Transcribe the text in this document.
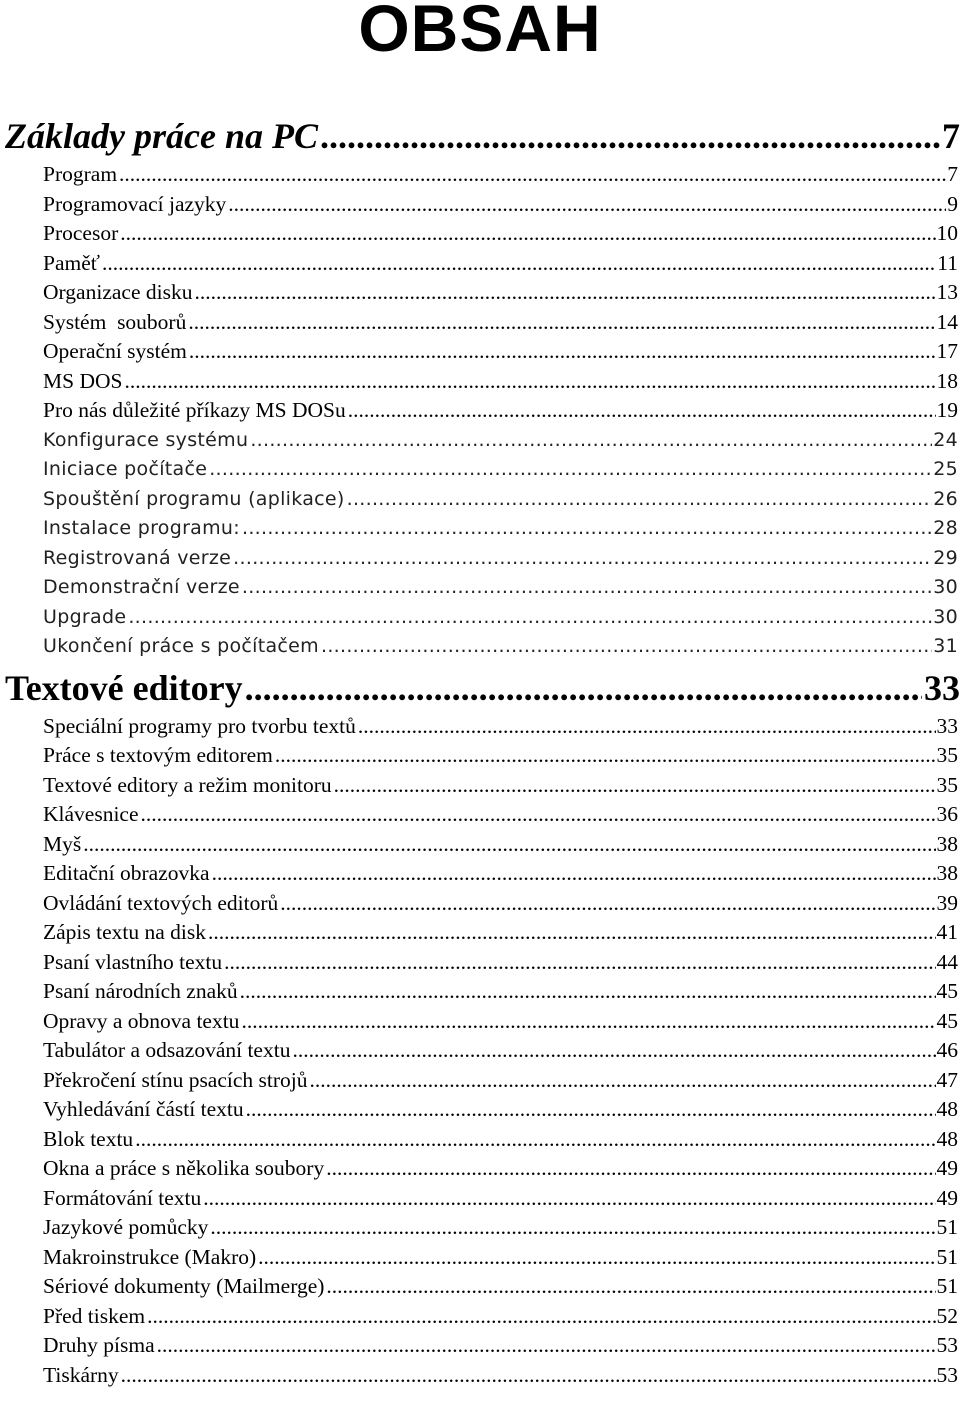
OBSAH
Základy práce na PC .....	7
Program .....	7
Programovací jazyky .....	9
Procesor .....	10
Paměť .....	11
Organizace disku .....	13
Systém  souborů .....	14
Operační systém .....	17
MS DOS .....	18
Pro nás důležité příkazy MS DOSu .....	19
Konfigurace systému .....	24
Iniciace počítače .....	25
Spouštění programu (aplikace) .....	26
Instalace programu: .....	28
Registrovaná verze .....	29
Demonstrační verze .....	30
Upgrade .....	30
Ukončení práce s počítačem .....	31
Textové editory .....	33
Speciální programy pro tvorbu textů .....	33
Práce s textovým editorem .....	35
Textové editory a režim monitoru .....	35
Klávesnice .....	36
Myš .....	38
Editační obrazovka .....	38
Ovládání textových editorů .....	39
Zápis textu na disk .....	41
Psaní vlastního textu .....	44
Psaní národních znaků .....	45
Opravy a obnova textu .....	45
Tabulátor a odsazování textu .....	46
Překročení stínu psacích strojů .....	47
Vyhledávání částí textu .....	48
Blok textu .....	48
Okna a práce s několika soubory .....	49
Formátování textu .....	49
Jazykové pomůcky .....	51
Makroinstrukce (Makro) .....	51
Sériové dokumenty (Mailmerge) .....	51
Před tiskem .....	52
Druhy písma .....	53
Tiskárny .....	53
